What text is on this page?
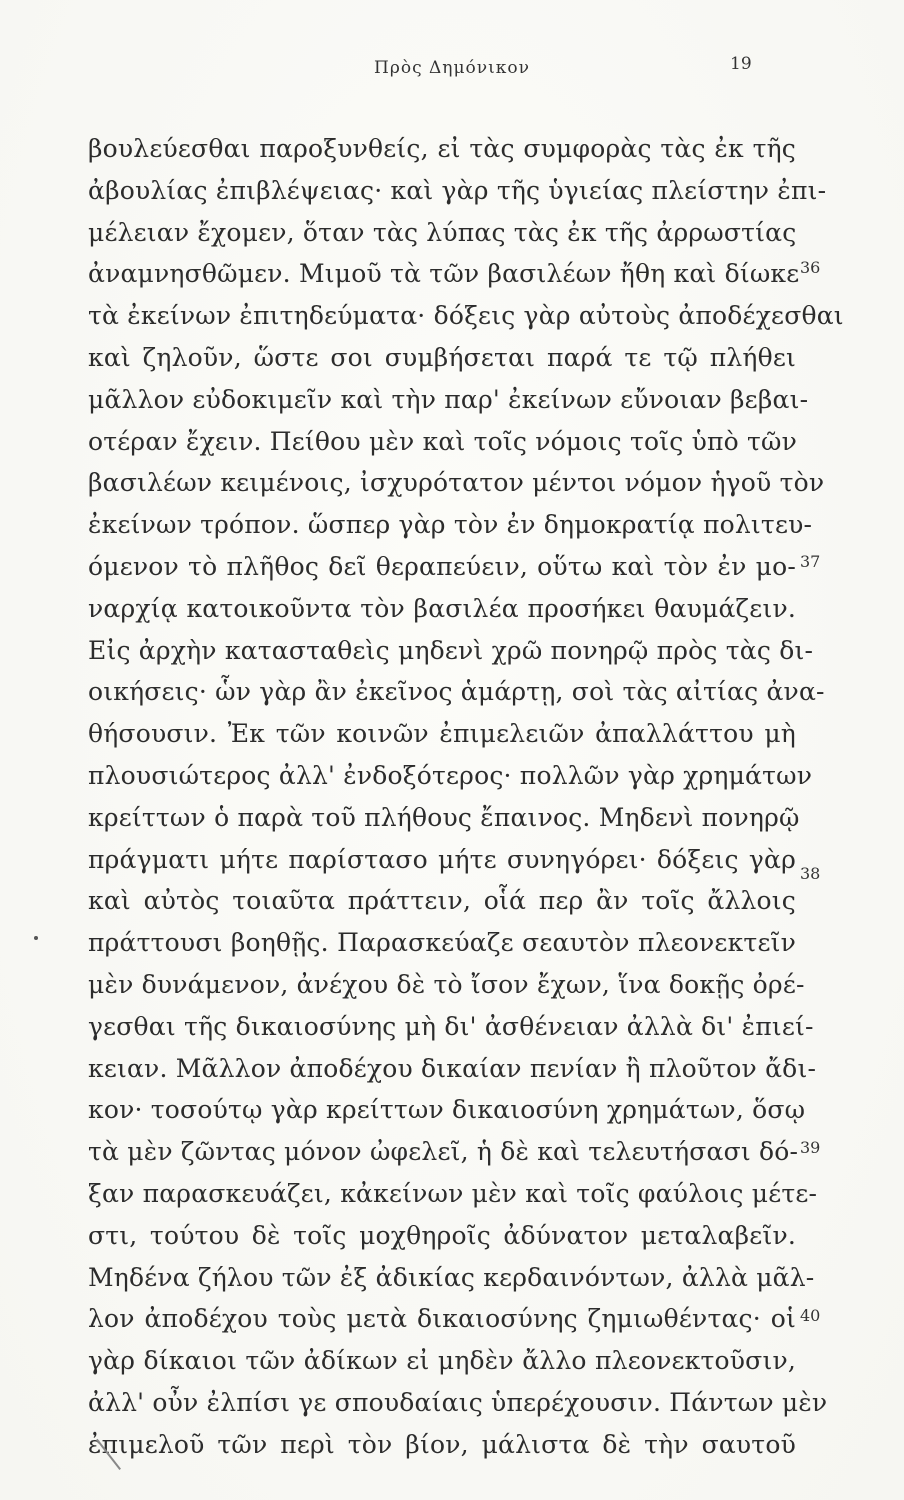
Πρὸς Δημόνικον	19
βουλεύεσθαι παροξυνθείς, εἰ τὰς συμφορὰς τὰς ἐκ τῆς
ἀβουλίας ἐπιβλέψειας· καὶ γὰρ τῆς ὑγιείας πλείστην ἐπι-
μέλειαν ἔχομεν, ὅταν τὰς λύπας τὰς ἐκ τῆς ἀρρωστίας
ἀναμνησθῶμεν. Μιμοῦ τὰ τῶν βασιλέων ἤθη καὶ δίωκε
τὰ ἐκείνων ἐπιτηδεύματα· δόξεις γὰρ αὐτοὺς ἀποδέχεσθαι
καὶ ζηλοῦν, ὥστε σοι συμβήσεται παρά τε τῷ πλήθει
μᾶλλον εὐδοκιμεῖν καὶ τὴν παρ' ἐκείνων εὔνοιαν βεβαι-
οτέραν ἔχειν. Πείθου μὲν καὶ τοῖς νόμοις τοῖς ὑπὸ τῶν
βασιλέων κειμένοις, ἰσχυρότατον μέντοι νόμον ἡγοῦ τὸν
ἐκείνων τρόπον. ὥσπερ γὰρ τὸν ἐν δημοκρατίᾳ πολιτευ-
όμενον τὸ πλῆθος δεῖ θεραπεύειν, οὕτω καὶ τὸν ἐν μο-
ναρχίᾳ κατοικοῦντα τὸν βασιλέα προσήκει θαυμάζειν.
Εἰς ἀρχὴν κατασταθεὶς μηδενὶ χρῶ πονηρῷ πρὸς τὰς δι-
οικήσεις· ὧν γὰρ ἂν ἐκεῖνος ἁμάρτῃ, σοὶ τὰς αἰτίας ἀνα-
θήσουσιν. Ἐκ τῶν κοινῶν ἐπιμελειῶν ἀπαλλάττου μὴ
πλουσιώτερος ἀλλ' ἐνδοξότερος· πολλῶν γὰρ χρημάτων
κρείττων ὁ παρὰ τοῦ πλήθους ἔπαινος. Μηδενὶ πονηρῷ
πράγματι μήτε παρίστασο μήτε συνηγόρει· δόξεις γὰρ
καὶ αὐτὸς τοιαῦτα πράττειν, οἷά περ ἂν τοῖς ἄλλοις
πράττουσι βοηθῇς. Παρασκεύαζε σεαυτὸν πλεονεκτεῖν
μὲν δυνάμενον, ἀνέχου δὲ τὸ ἴσον ἔχων, ἵνα δοκῇς ὀρέ-
γεσθαι τῆς δικαιοσύνης μὴ δι' ἀσθένειαν ἀλλὰ δι' ἐπιεί-
κειαν. Μᾶλλον ἀποδέχου δικαίαν πενίαν ἢ πλοῦτον ἄδι-
κον· τοσούτῳ γὰρ κρείττων δικαιοσύνη χρημάτων, ὅσῳ
τὰ μὲν ζῶντας μόνον ὠφελεῖ, ἡ δὲ καὶ τελευτήσασι δό-
ξαν παρασκευάζει, κἀκείνων μὲν καὶ τοῖς φαύλοις μέτε-
στι, τούτου δὲ τοῖς μοχθηροῖς ἀδύνατον μεταλαβεῖν.
Μηδένα ζήλου τῶν ἐξ ἀδικίας κερδαινόντων, ἀλλὰ μᾶλ-
λον ἀποδέχου τοὺς μετὰ δικαιοσύνης ζημιωθέντας· οἱ
γὰρ δίκαιοι τῶν ἀδίκων εἰ μηδὲν ἄλλο πλεονεκτοῦσιν,
ἀλλ' οὖν ἐλπίσι γε σπουδαίαις ὑπερέχουσιν. Πάντων μὲν
ἐπιμελοῦ τῶν περὶ τὸν βίον, μάλιστα δὲ τὴν σαυτοῦ
36
37
38
39
40
